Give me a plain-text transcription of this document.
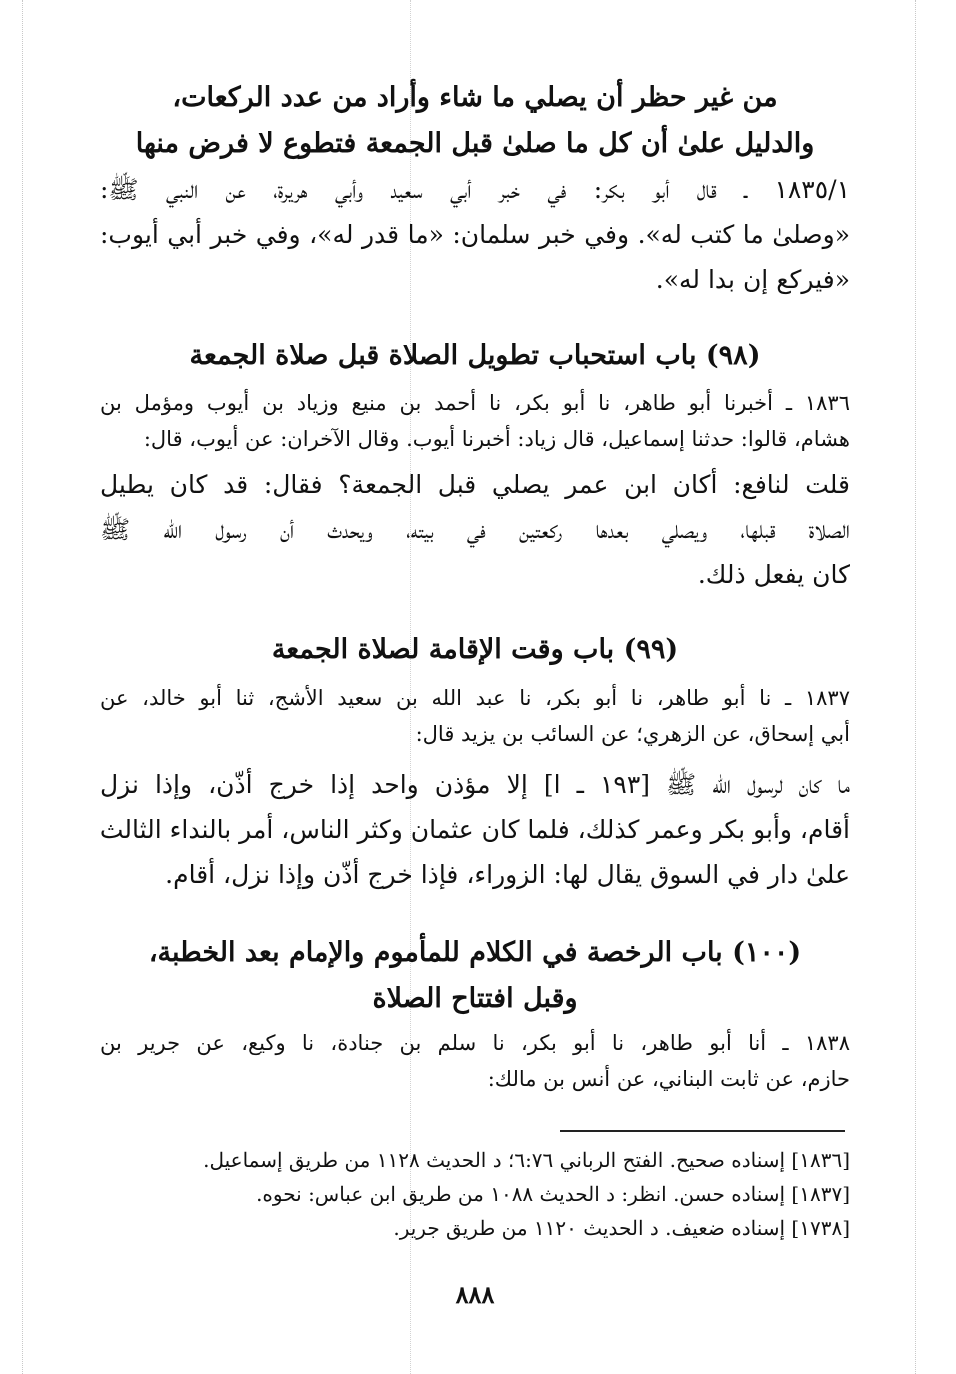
من غير حظر أن يصلي ما شاء وأراد من عدد الركعات،
والدليل علىٰ أن كل ما صلىٰ قبل الجمعة فتطوع لا فرض منها
١٨٣٥/١ ـ قال أبو بكر: في خبر أبي سعيد وأبي هريرة، عن النبي ﷺ:
«وصلىٰ ما كتب له». وفي خبر سلمان: «ما قدر له»، وفي خبر أبي أيوب:
«فيركع إن بدا له».
(٩٨) باب استحباب تطويل الصلاة قبل صلاة الجمعة
١٨٣٦ ـ أخبرنا أبو طاهر، نا أبو بكر، نا أحمد بن منيع وزياد بن أيوب ومؤمل بن
هشام، قالوا: حدثنا إسماعيل، قال زياد: أخبرنا أيوب. وقال الآخران: عن أيوب، قال:
قلت لنافع: أكان ابن عمر يصلي قبل الجمعة؟ فقال: قد كان يطيل
الصلاة قبلها، ويصلي بعدها ركعتين في بيته، ويحدث أن رسول الله ﷺ
كان يفعل ذلك.
(٩٩) باب وقت الإقامة لصلاة الجمعة
١٨٣٧ ـ نا أبو طاهر، نا أبو بكر، نا عبد الله بن سعيد الأشج، ثنا أبو خالد، عن
أبي إسحاق، عن الزهري؛ عن السائب بن يزيد قال:
ما كان لرسول الله ﷺ [١٩٣ ـ ا] إلا مؤذن واحد إذا خرج أذّن، وإذا نزل
أقام، وأبو بكر وعمر كذلك، فلما كان عثمان وكثر الناس، أمر بالنداء الثالث
علىٰ دار في السوق يقال لها: الزوراء، فإذا خرج أذّن وإذا نزل، أقام.
(١٠٠) باب الرخصة في الكلام للمأموم والإمام بعد الخطبة،
وقبل افتتاح الصلاة
١٨٣٨ ـ أنا أبو طاهر، نا أبو بكر، نا سلم بن جنادة، نا وكيع، عن جرير بن
حازم، عن ثابت البناني، عن أنس بن مالك:
[١٨٣٦] إسناده صحيح. الفتح الرباني ٦:٧٦؛ د الحديث ١١٢٨ من طريق إسماعيل.
[١٨٣٧] إسناده حسن. انظر: د الحديث ١٠٨٨ من طريق ابن عباس: نحوه.
[١٧٣٨] إسناده ضعيف. د الحديث ١١٢٠ من طريق جرير.
٨٨٨
